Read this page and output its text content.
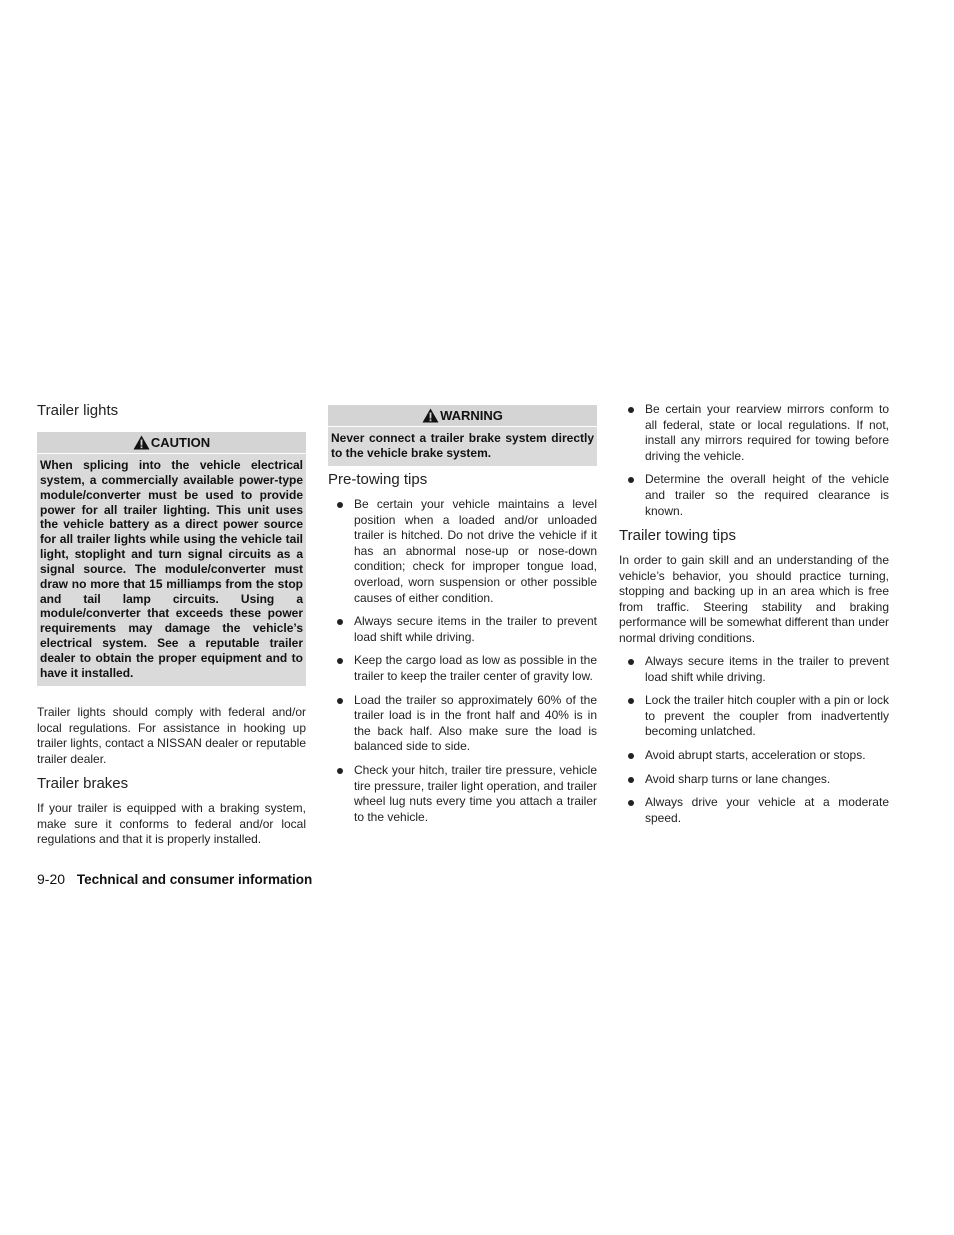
Trailer lights
CAUTION
When splicing into the vehicle electrical system, a commercially available power-type module/converter must be used to provide power for all trailer lighting. This unit uses the vehicle battery as a direct power source for all trailer lights while using the vehicle tail light, stoplight and turn signal circuits as a signal source. The module/converter must draw no more that 15 milliamps from the stop and tail lamp circuits. Using a module/converter that exceeds these power requirements may damage the vehicle’s electrical system. See a reputable trailer dealer to obtain the proper equipment and to have it installed.

Trailer lights should comply with federal and/or local regulations. For assistance in hooking up trailer lights, contact a NISSAN dealer or reputable trailer dealer.

Trailer brakes

If your trailer is equipped with a braking system, make sure it conforms to federal and/or local regulations and that it is properly installed.

WARNING
Never connect a trailer brake system directly to the vehicle brake system.
Pre-towing tips
Be certain your vehicle maintains a level position when a loaded and/or unloaded trailer is hitched. Do not drive the vehicle if it has an abnormal nose-up or nose-down condition; check for improper tongue load, overload, worn suspension or other possible causes of either condition.
Always secure items in the trailer to prevent load shift while driving.
Keep the cargo load as low as possible in the trailer to keep the trailer center of gravity low.
Load the trailer so approximately 60% of the trailer load is in the front half and 40% is in the back half. Also make sure the load is balanced side to side.
Check your hitch, trailer tire pressure, vehicle tire pressure, trailer light operation, and trailer wheel lug nuts every time you attach a trailer to the vehicle.
Be certain your rearview mirrors conform to all federal, state or local regulations. If not, install any mirrors required for towing before driving the vehicle.
Determine the overall height of the vehicle and trailer so the required clearance is known.
Trailer towing tips

In order to gain skill and an understanding of the vehicle’s behavior, you should practice turning, stopping and backing up in an area which is free from traffic. Steering stability and braking performance will be somewhat different than under normal driving conditions.

Always secure items in the trailer to prevent load shift while driving.
Lock the trailer hitch coupler with a pin or lock to prevent the coupler from inadvertently becoming unlatched.
Avoid abrupt starts, acceleration or stops.
Avoid sharp turns or lane changes.
Always drive your vehicle at a moderate speed.
9-20 Technical and consumer information
